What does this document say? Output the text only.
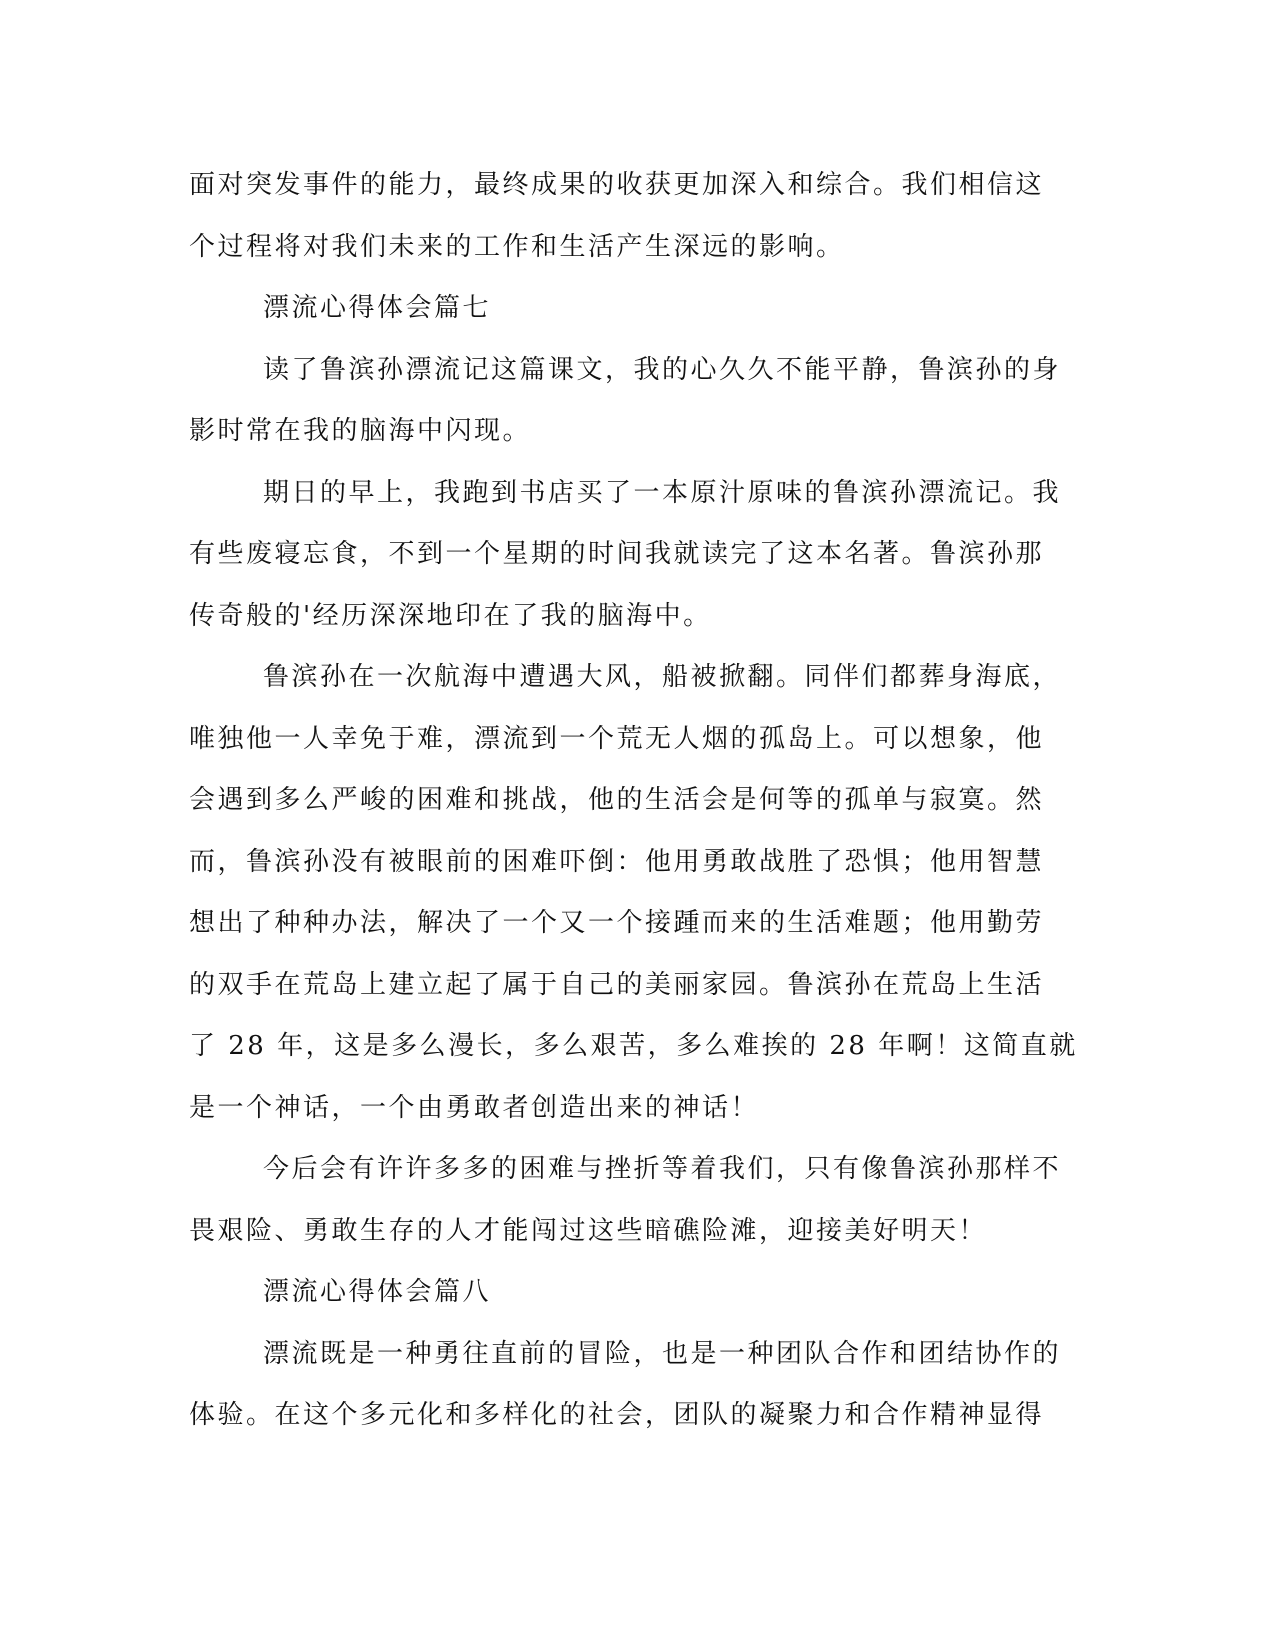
面对突发事件的能力，最终成果的收获更加深入和综合。我们相信这
个过程将对我们未来的工作和生活产生深远的影响。
漂流心得体会篇七
读了鲁滨孙漂流记这篇课文，我的心久久不能平静，鲁滨孙的身
影时常在我的脑海中闪现。
期日的早上，我跑到书店买了一本原汁原味的鲁滨孙漂流记。我
有些废寝忘食，不到一个星期的时间我就读完了这本名著。鲁滨孙那
传奇般的'经历深深地印在了我的脑海中。
鲁滨孙在一次航海中遭遇大风，船被掀翻。同伴们都葬身海底，
唯独他一人幸免于难，漂流到一个荒无人烟的孤岛上。可以想象，他
会遇到多么严峻的困难和挑战，他的生活会是何等的孤单与寂寞。然
而，鲁滨孙没有被眼前的困难吓倒：他用勇敢战胜了恐惧；他用智慧
想出了种种办法，解决了一个又一个接踵而来的生活难题；他用勤劳
的双手在荒岛上建立起了属于自己的美丽家园。鲁滨孙在荒岛上生活
了 28 年，这是多么漫长，多么艰苦，多么难挨的 28 年啊！这简直就
是一个神话，一个由勇敢者创造出来的神话！
今后会有许许多多的困难与挫折等着我们，只有像鲁滨孙那样不
畏艰险、勇敢生存的人才能闯过这些暗礁险滩，迎接美好明天！
漂流心得体会篇八
漂流既是一种勇往直前的冒险，也是一种团队合作和团结协作的
体验。在这个多元化和多样化的社会，团队的凝聚力和合作精神显得
